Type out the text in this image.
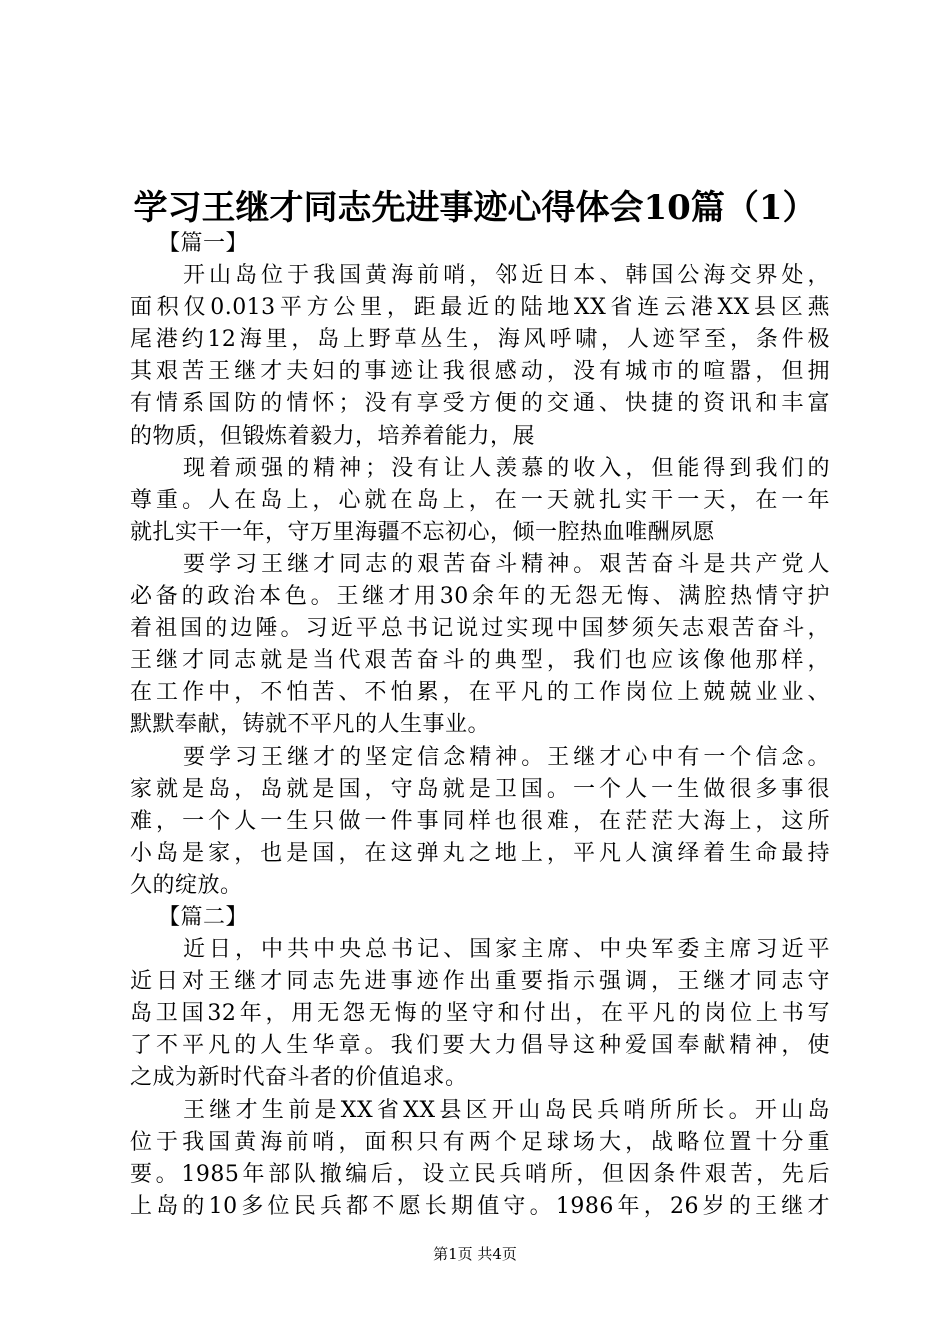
学习王继才同志先进事迹心得体会10篇（1）
【篇一】
开山岛位于我国黄海前哨，邻近日本、韩国公海交界处，
面积仅0.013平方公里，距最近的陆地XX省连云港XX县区燕
尾港约12海里，岛上野草丛生，海风呼啸，人迹罕至，条件极
其艰苦王继才夫妇的事迹让我很感动，没有城市的喧嚣，但拥
有情系国防的情怀；没有享受方便的交通、快捷的资讯和丰富
的物质，但锻炼着毅力，培养着能力，展
现着顽强的精神；没有让人羡慕的收入，但能得到我们的
尊重。人在岛上，心就在岛上，在一天就扎实干一天，在一年
就扎实干一年，守万里海疆不忘初心，倾一腔热血唯酬夙愿
要学习王继才同志的艰苦奋斗精神。艰苦奋斗是共产党人
必备的政治本色。王继才用30余年的无怨无悔、满腔热情守护
着祖国的边陲。习近平总书记说过实现中国梦须矢志艰苦奋斗，
王继才同志就是当代艰苦奋斗的典型，我们也应该像他那样，
在工作中，不怕苦、不怕累，在平凡的工作岗位上兢兢业业、
默默奉献，铸就不平凡的人生事业。
要学习王继才的坚定信念精神。王继才心中有一个信念。
家就是岛，岛就是国，守岛就是卫国。一个人一生做很多事很
难，一个人一生只做一件事同样也很难，在茫茫大海上，这所
小岛是家，也是国，在这弹丸之地上，平凡人演绎着生命最持
久的绽放。
【篇二】
近日，中共中央总书记、国家主席、中央军委主席习近平
近日对王继才同志先进事迹作出重要指示强调，王继才同志守
岛卫国32年，用无怨无悔的坚守和付出，在平凡的岗位上书写
了不平凡的人生华章。我们要大力倡导这种爱国奉献精神，使
之成为新时代奋斗者的价值追求。
王继才生前是XX省XX县区开山岛民兵哨所所长。开山岛
位于我国黄海前哨，面积只有两个足球场大，战略位置十分重
要。1985年部队撤编后，设立民兵哨所，但因条件艰苦，先后
上岛的10多位民兵都不愿长期值守。1986年，26岁的王继才
第1页 共4页
